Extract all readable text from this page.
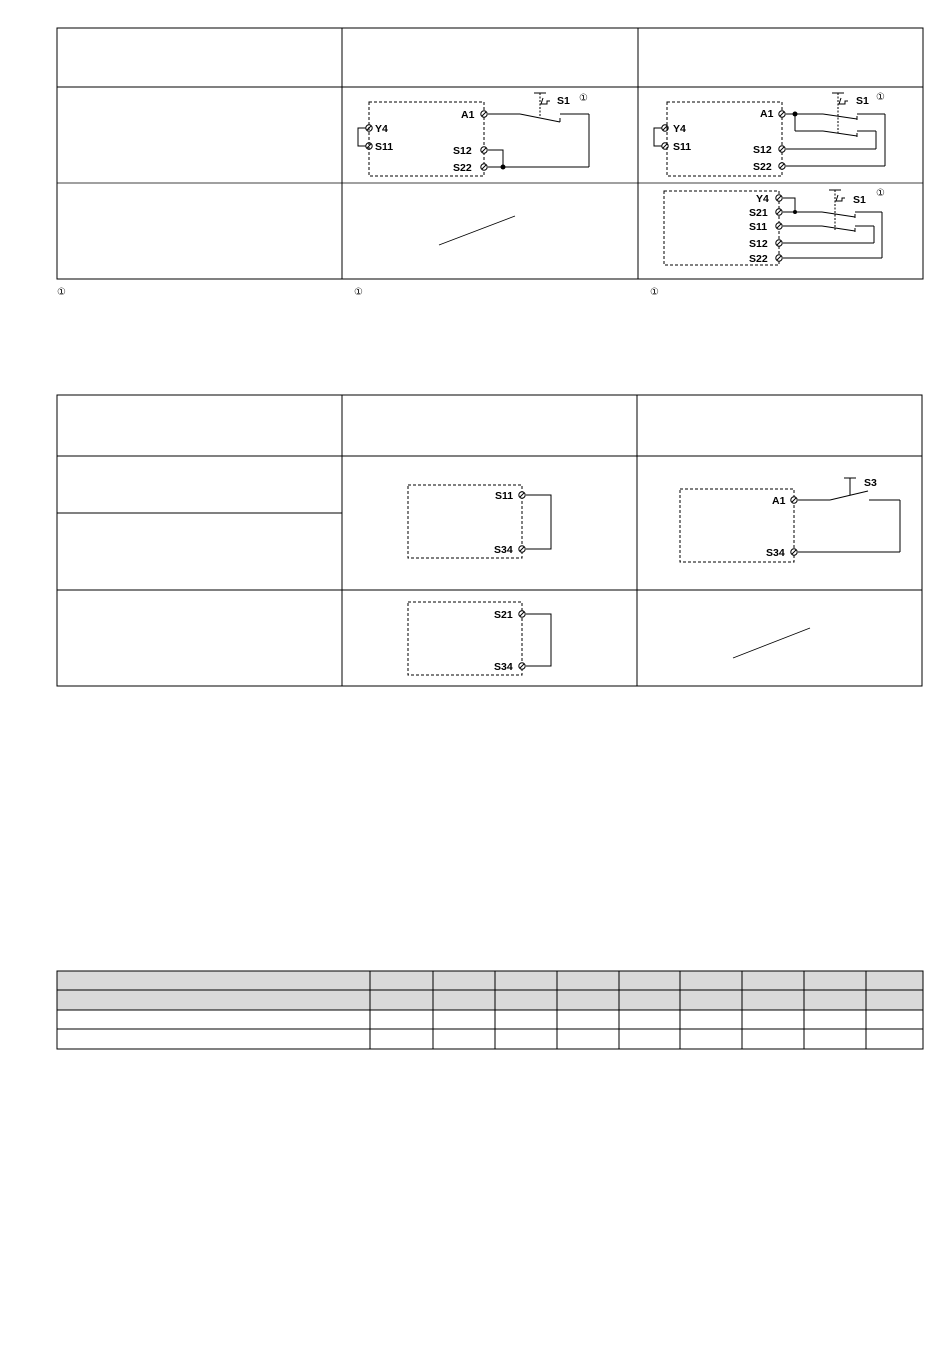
Y4
S11
A1
S12
S22
S1 ①
Y4
S11
A1
S12
S22
S1 ①
Y4
S21
S11
S12
S22
S1
①
①	①	①
S11
S34
A1
S34
S3
S21
S34
